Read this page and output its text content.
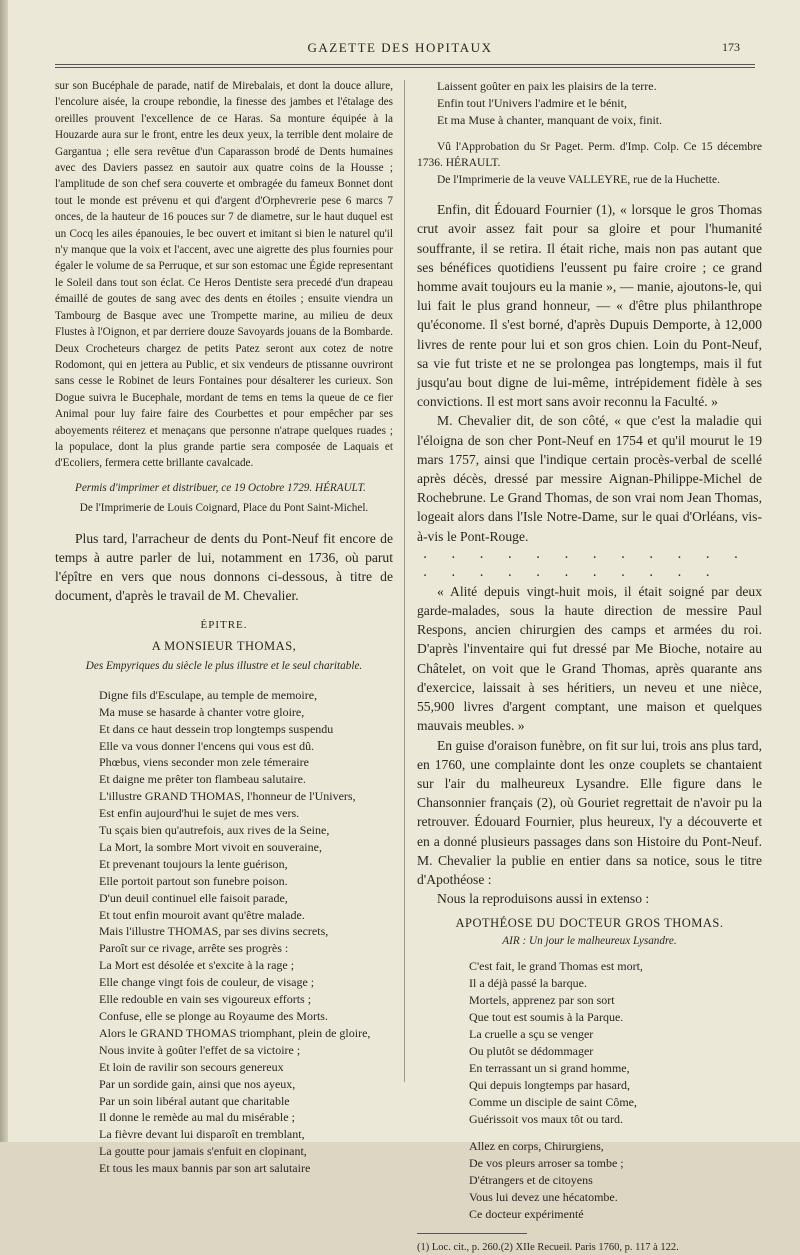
GAZETTE DES HOPITAUX	173

sur son Bucéphale de parade, natif de Mirebalais, et dont la douce allure, l'encolure aisée, la croupe rebondie, la finesse des jambes et l'étalage des oreilles prouvent l'excellence de ce Haras. Sa monture équipée à la Houzarde aura sur le front, entre les deux yeux, la terrible dent molaire de Gargantua ; elle sera revêtue d'un Caparasson brodé de Dents humaines avec des Daviers passez en sautoir aux quatre coins de la Housse ; l'amplitude de son chef sera couverte et ombragée du fameux Bonnet dont tout le monde est prévenu et qui d'argent d'Orphevrerie pese 6 marcs 7 onces, de la hauteur de 16 pouces sur 7 de diametre, sur le haut duquel est un Cocq les ailes épanouies, le bec ouvert et imitant si bien le naturel qu'il n'y manque que la voix et l'accent, avec une aigrette des plus fournies pour égaler le volume de sa Perruque, et sur son estomac une Égide representant le Soleil dans tout son éclat. Ce Heros Dentiste sera precedé d'un drapeau émaillé de goutes de sang avec des dents en étoiles ; ensuite viendra un Tambourg de Basque avec une Trompette marine, au milieu de deux Flustes à l'Oignon, et par derriere douze Savoyards jouans de la Bombarde. Deux Crocheteurs chargez de petits Patez seront aux cotez de notre Rodomont, qui en jettera au Public, et six vendeurs de ptissanne ouvriront sans cesse le Robinet de leurs Fontaines pour désalterer les curieux. Son Dogue suivra le Bucephale, mordant de tems en tems la queue de ce fier Animal pour luy faire faire des Courbettes et pour empêcher par ses aboyements réiterez et menaçans que personne n'atrape quelques ruades ; la populace, dont la plus grande partie sera composée de Laquais et d'Ecoliers, fermera cette brillante cavalcade.

Permis d'imprimer et distribuer, ce 19 Octobre 1729. HÉRAULT.

De l'Imprimerie de Louis Coignard, Place du Pont Saint-Michel.

Plus tard, l'arracheur de dents du Pont-Neuf fit encore de temps à autre parler de lui, notamment en 1736, où parut l'épître en vers que nous donnons ci-dessous, à titre de document, d'après le travail de M. Chevalier.

ÉPITRE.

A MONSIEUR THOMAS,

Des Empyriques du siècle le plus illustre et le seul charitable.

Digne fils d'Esculape, au temple de memoire,
Ma muse se hasarde à chanter votre gloire,
Et dans ce haut dessein trop longtemps suspendu
Elle va vous donner l'encens qui vous est dû.
Phœbus, viens seconder mon zele témeraire
Et daigne me prêter ton flambeau salutaire.
L'illustre GRAND THOMAS, l'honneur de l'Univers,
Est enfin aujourd'hui le sujet de mes vers.
Tu sçais bien qu'autrefois, aux rives de la Seine,
La Mort, la sombre Mort vivoit en souveraine,
Et prevenant toujours la lente guérison,
Elle portoit partout son funebre poison.
D'un deuil continuel elle faisoit parade,
Et tout enfin mouroit avant qu'être malade.
Mais l'illustre THOMAS, par ses divins secrets,
Paroît sur ce rivage, arrête ses progrès :
La Mort est désolée et s'excite à la rage ;
Elle change vingt fois de couleur, de visage ;
Elle redouble en vain ses vigoureux efforts ;
Confuse, elle se plonge au Royaume des Morts.
Alors le GRAND THOMAS triomphant, plein de gloire,
Nous invite à goûter l'effet de sa victoire ;
Et loin de ravilir son secours genereux
Par un sordide gain, ainsi que nos ayeux,
Par un soin libéral autant que charitable
Il donne le remède au mal du misérable ;
La fièvre devant lui disparoît en tremblant,
La goutte pour jamais s'enfuit en clopinant,
Et tous les maux bannis par son art salutaire
Laissent goûter en paix les plaisirs de la terre.
Enfin tout l'Univers l'admire et le bénit,
Et ma Muse à chanter, manquant de voix, finit.

Vû l'Approbation du Sr Paget. Perm. d'Imp. Colp. Ce 15 décembre 1736. HÉRAULT.

De l'Imprimerie de la veuve VALLEYRE, rue de la Huchette.

Enfin, dit Édouard Fournier (1), « lorsque le gros Thomas crut avoir assez fait pour sa gloire et pour l'humanité souffrante, il se retira. Il était riche, mais non pas autant que ses bénéfices quotidiens l'eussent pu faire croire ; ce grand homme avait toujours eu la manie », — manie, ajoutons-le, qui lui fait le plus grand honneur, — « d'être plus philanthrope qu'économe. Il s'est borné, d'après Dupuis Demporte, à 12,000 livres de rente pour lui et son gros chien. Loin du Pont-Neuf, sa vie fut triste et ne se prolongea pas longtemps, mais il fut jusqu'au bout digne de lui-même, intrépidement fidèle à ses convictions. Il est mort sans avoir reconnu la Faculté. »

M. Chevalier dit, de son côté, « que c'est la maladie qui l'éloigna de son cher Pont-Neuf en 1754 et qu'il mourut le 19 mars 1757, ainsi que l'indique certain procès-verbal de scellé après décès, dressé par messire Aignan-Philippe-Michel de Rochebrune. Le Grand Thomas, de son vrai nom Jean Thomas, logeait alors dans l'Isle Notre-Dame, sur le quai d'Orléans, vis-à-vis le Pont-Rouge.

. . . . . . . . . . . . . . . . . . . . . . .

« Alité depuis vingt-huit mois, il était soigné par deux garde-malades, sous la haute direction de messire Paul Respons, ancien chirurgien des camps et armées du roi. D'après l'inventaire qui fut dressé par Me Bioche, notaire au Châtelet, on voit que le Grand Thomas, après quarante ans d'exercice, laissait à ses héritiers, un neveu et une nièce, 55,900 livres d'argent comptant, une maison et quelques mauvais meubles. »

En guise d'oraison funèbre, on fit sur lui, trois ans plus tard, en 1760, une complainte dont les onze couplets se chantaient sur l'air du malheureux Lysandre. Elle figure dans le Chansonnier français (2), où Gouriet regrettait de n'avoir pu la retrouver. Édouard Fournier, plus heureux, l'y a découverte et en a donné plusieurs passages dans son Histoire du Pont-Neuf. M. Chevalier la publie en entier dans sa notice, sous le titre d'Apothéose :

Nous la reproduisons aussi in extenso :

APOTHÉOSE DU DOCTEUR GROS THOMAS.

AIR : Un jour le malheureux Lysandre.

C'est fait, le grand Thomas est mort,
Il a déjà passé la barque.
Mortels, apprenez par son sort
Que tout est soumis à la Parque.
La cruelle a sçu se venger
Ou plutôt se dédommager
En terrassant un si grand homme,
Qui depuis longtemps par hasard,
Comme un disciple de saint Côme,
Guérissoit vos maux tôt ou tard.
Allez en corps, Chirurgiens,
De vos pleurs arroser sa tombe ;
D'étrangers et de citoyens
Vous lui devez une hécatombe.
Ce docteur expérimenté
(1) Loc. cit., p. 260.(2) XIIe Recueil. Paris 1760, p. 117 à 122.
